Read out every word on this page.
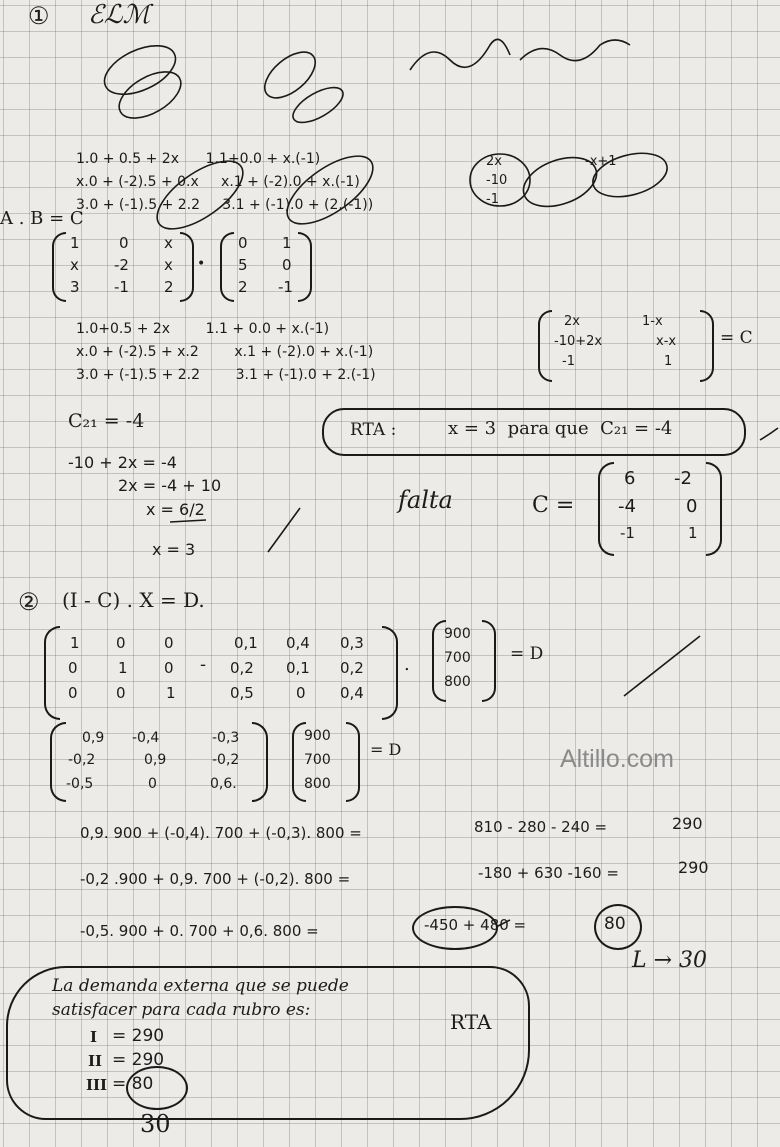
① ℰℒℳ
1.0 + 0.5 + 2x      1.1+0.0 + x.(-1)
x.0 + (-2).5 + 0.x     x.1 + (-2).0 + x.(-1)
3.0 + (-1).5 + 2.2     3.1 + (-1).0 + (2.(-1))
2x
-10
-1
-x+1
A . B = C
1	0 x
x -2 x
3 -1 2
•
0 1
5 0
2 -1
1.0+0.5 + 2x        1.1 + 0.0 + x.(-1)
x.0 + (-2).5 + x.2        x.1 + (-2).0 + x.(-1)
3.0 + (-1).5 + 2.2        3.1 + (-1).0 + 2.(-1)
2x	1-x
-10+2x	x-x
-1	1
= C
C₂₁ = -4	RTA :	x = 3  para que  C₂₁ = -4
-10 + 2x = -4
2x = -4 + 10
x = 6/2
x = 3
falta	C =
6 -2
-4	0
-1	1
② (I - C) . X = D.
1 0	0
0	1 0
0	0	1
-
0,1 0,4 0,3
0,2 0,1 0,2
0,5	0 0,4
.
900
700
800
= D
0,9 -0,4	-0,3
-0,2	0,9	-0,2
-0,5	0	0,6.
900
700
800
= D
0,9. 900 + (-0,4). 700 + (-0,3). 800 =	810 - 280 - 240 =	290
-0,2 .900 + 0,9. 700 + (-0,2). 800 =	-180 + 630 -160 =	290
-0,5. 900 + 0. 700 + 0,6. 800 =	-450 + 480 =	80
L → 30
La demanda externa que se puede
satisfacer para cada rubro es:	RTA
I = 290
II = 290
III = 80
30
Altillo.com
